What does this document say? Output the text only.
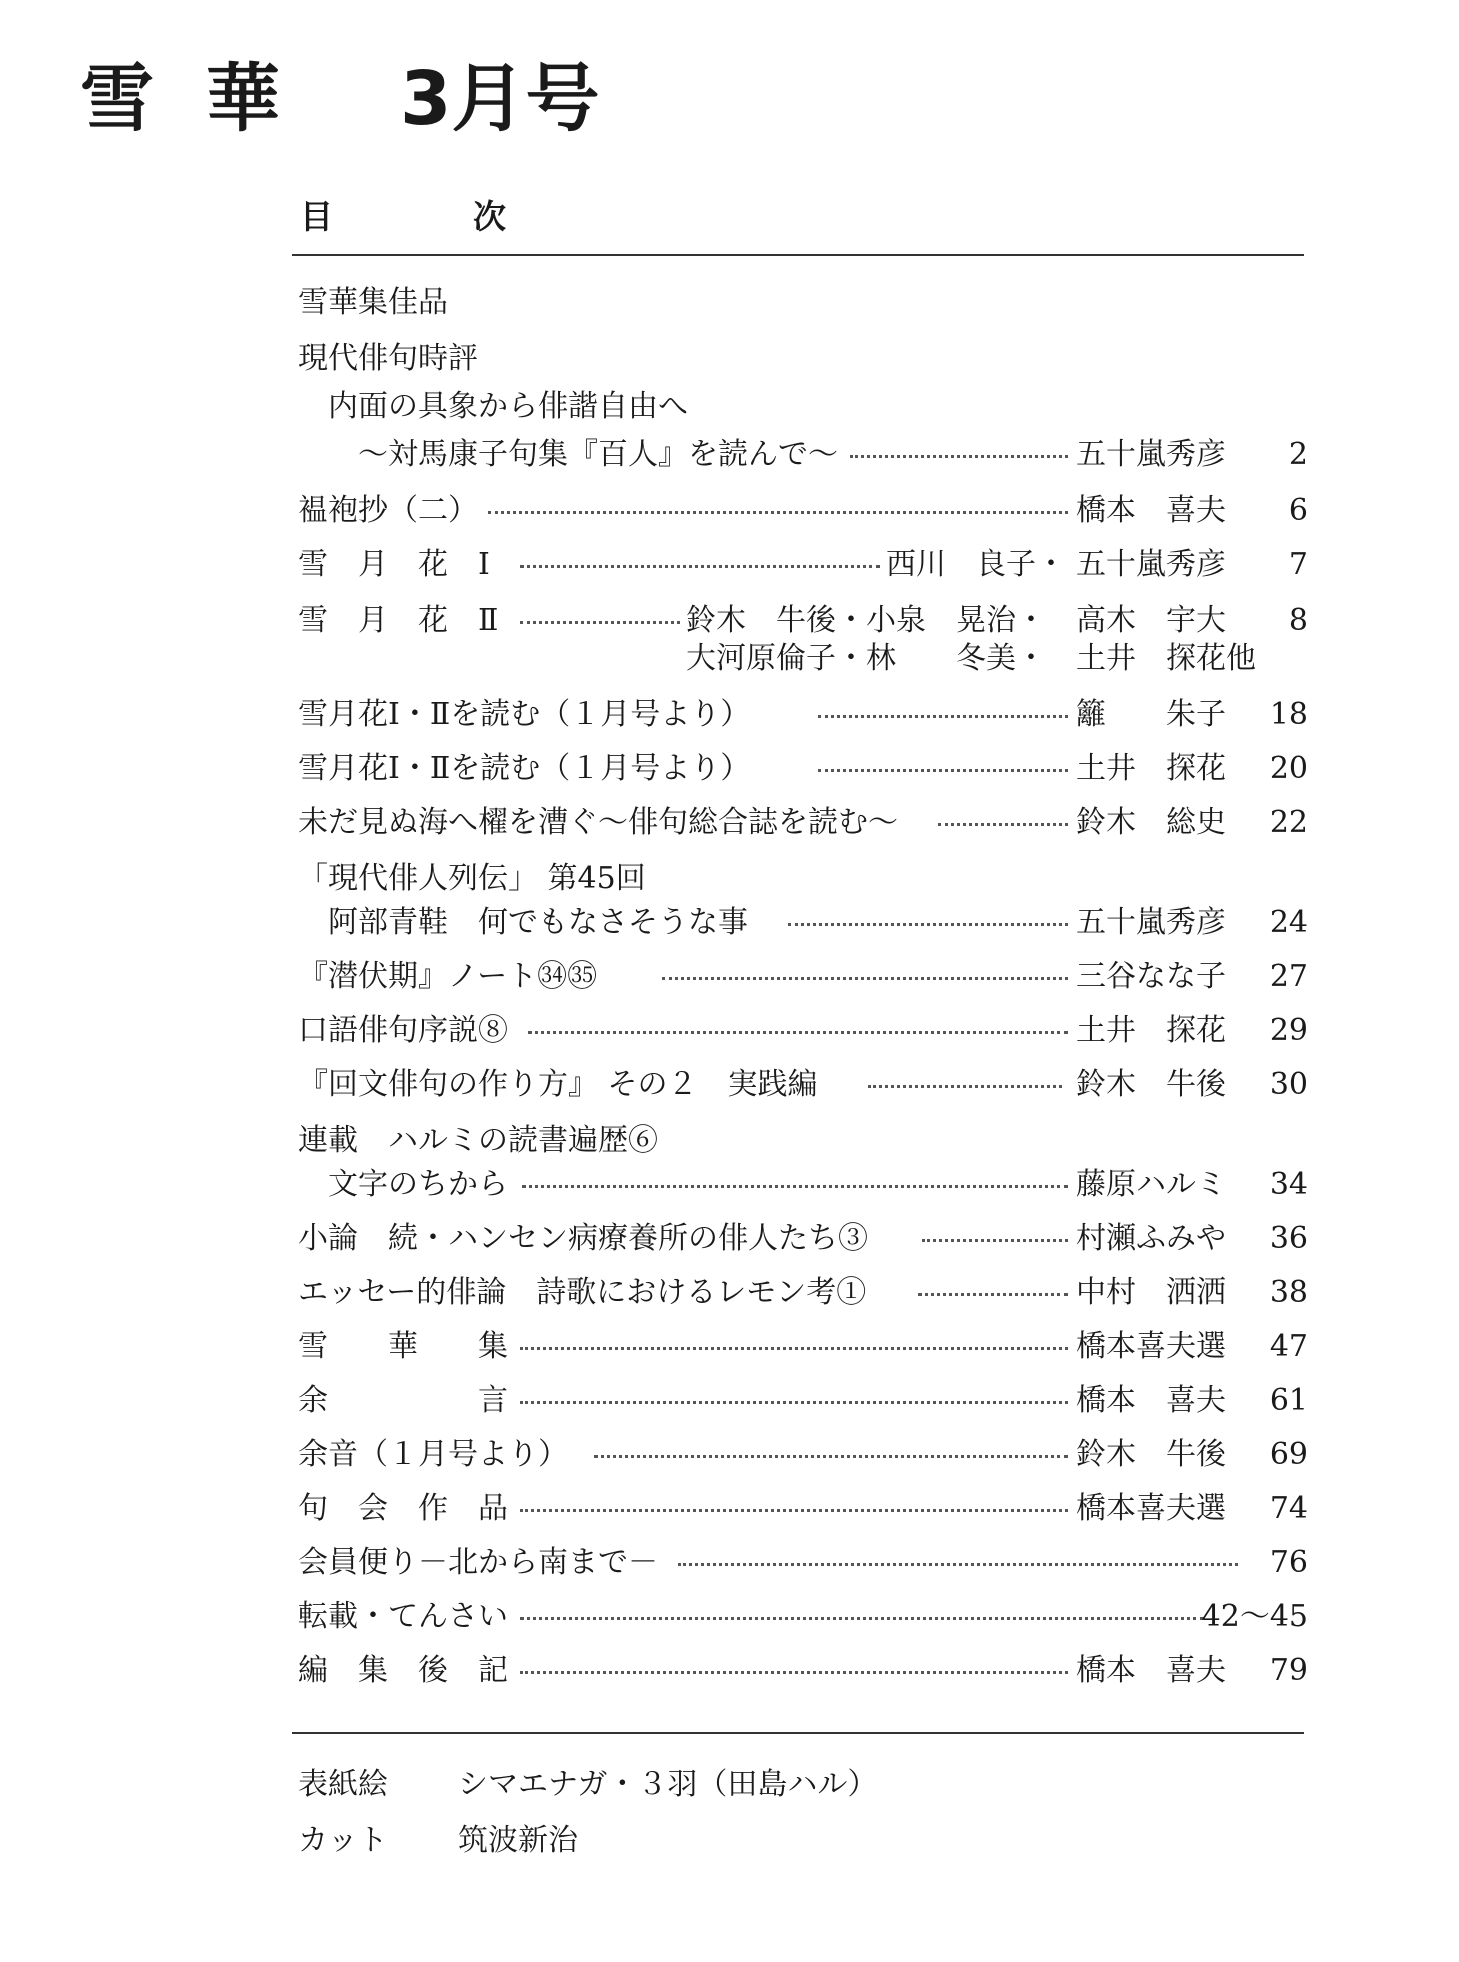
雪 華 3月号
目	次
雪華集佳品
現代俳句時評
内面の具象から俳諧自由へ
～対馬康子句集『百人』を読んで～	五十嵐秀彦 2
褞袍抄（二）	橋本　喜夫 6
雪　月　花　Ⅰ	西川　良子・ 五十嵐秀彦 7
雪　月　花　Ⅱ	鈴木　牛後・小泉　晃治・ 高木　宇大 8
大河原倫子・林　　冬美・ 土井　探花他
雪月花Ⅰ・Ⅱを読む（１月号より）	籬　　朱子 18
雪月花Ⅰ・Ⅱを読む（１月号より）	土井　探花 20
未だ見ぬ海へ櫂を漕ぐ～俳句総合誌を読む～	鈴木　総史 22
「現代俳人列伝」 第45回
阿部青鞋　何でもなさそうな事	五十嵐秀彦 24
『潜伏期』ノート㉞㉟	三谷なな子 27
口語俳句序説⑧	土井　探花 29
『回文俳句の作り方』 その２　実践編	鈴木　牛後 30
連載　ハルミの読書遍歴⑥
文字のちから	藤原ハルミ 34
小論　続・ハンセン病療養所の俳人たち③	村瀬ふみや 36
エッセー的俳論　詩歌におけるレモン考①	中村　洒洒 38
雪　　華　　集	橋本喜夫選 47
余　　　　　言	橋本　喜夫 61
余音（１月号より）	鈴木　牛後 69
句　会　作　品	橋本喜夫選 74
会員便り－北から南まで－	76
転載・てんさい	42～45
編　集　後　記	橋本　喜夫 79
表紙絵 シマエナガ・３羽（田島ハル）
カット 筑波新治
